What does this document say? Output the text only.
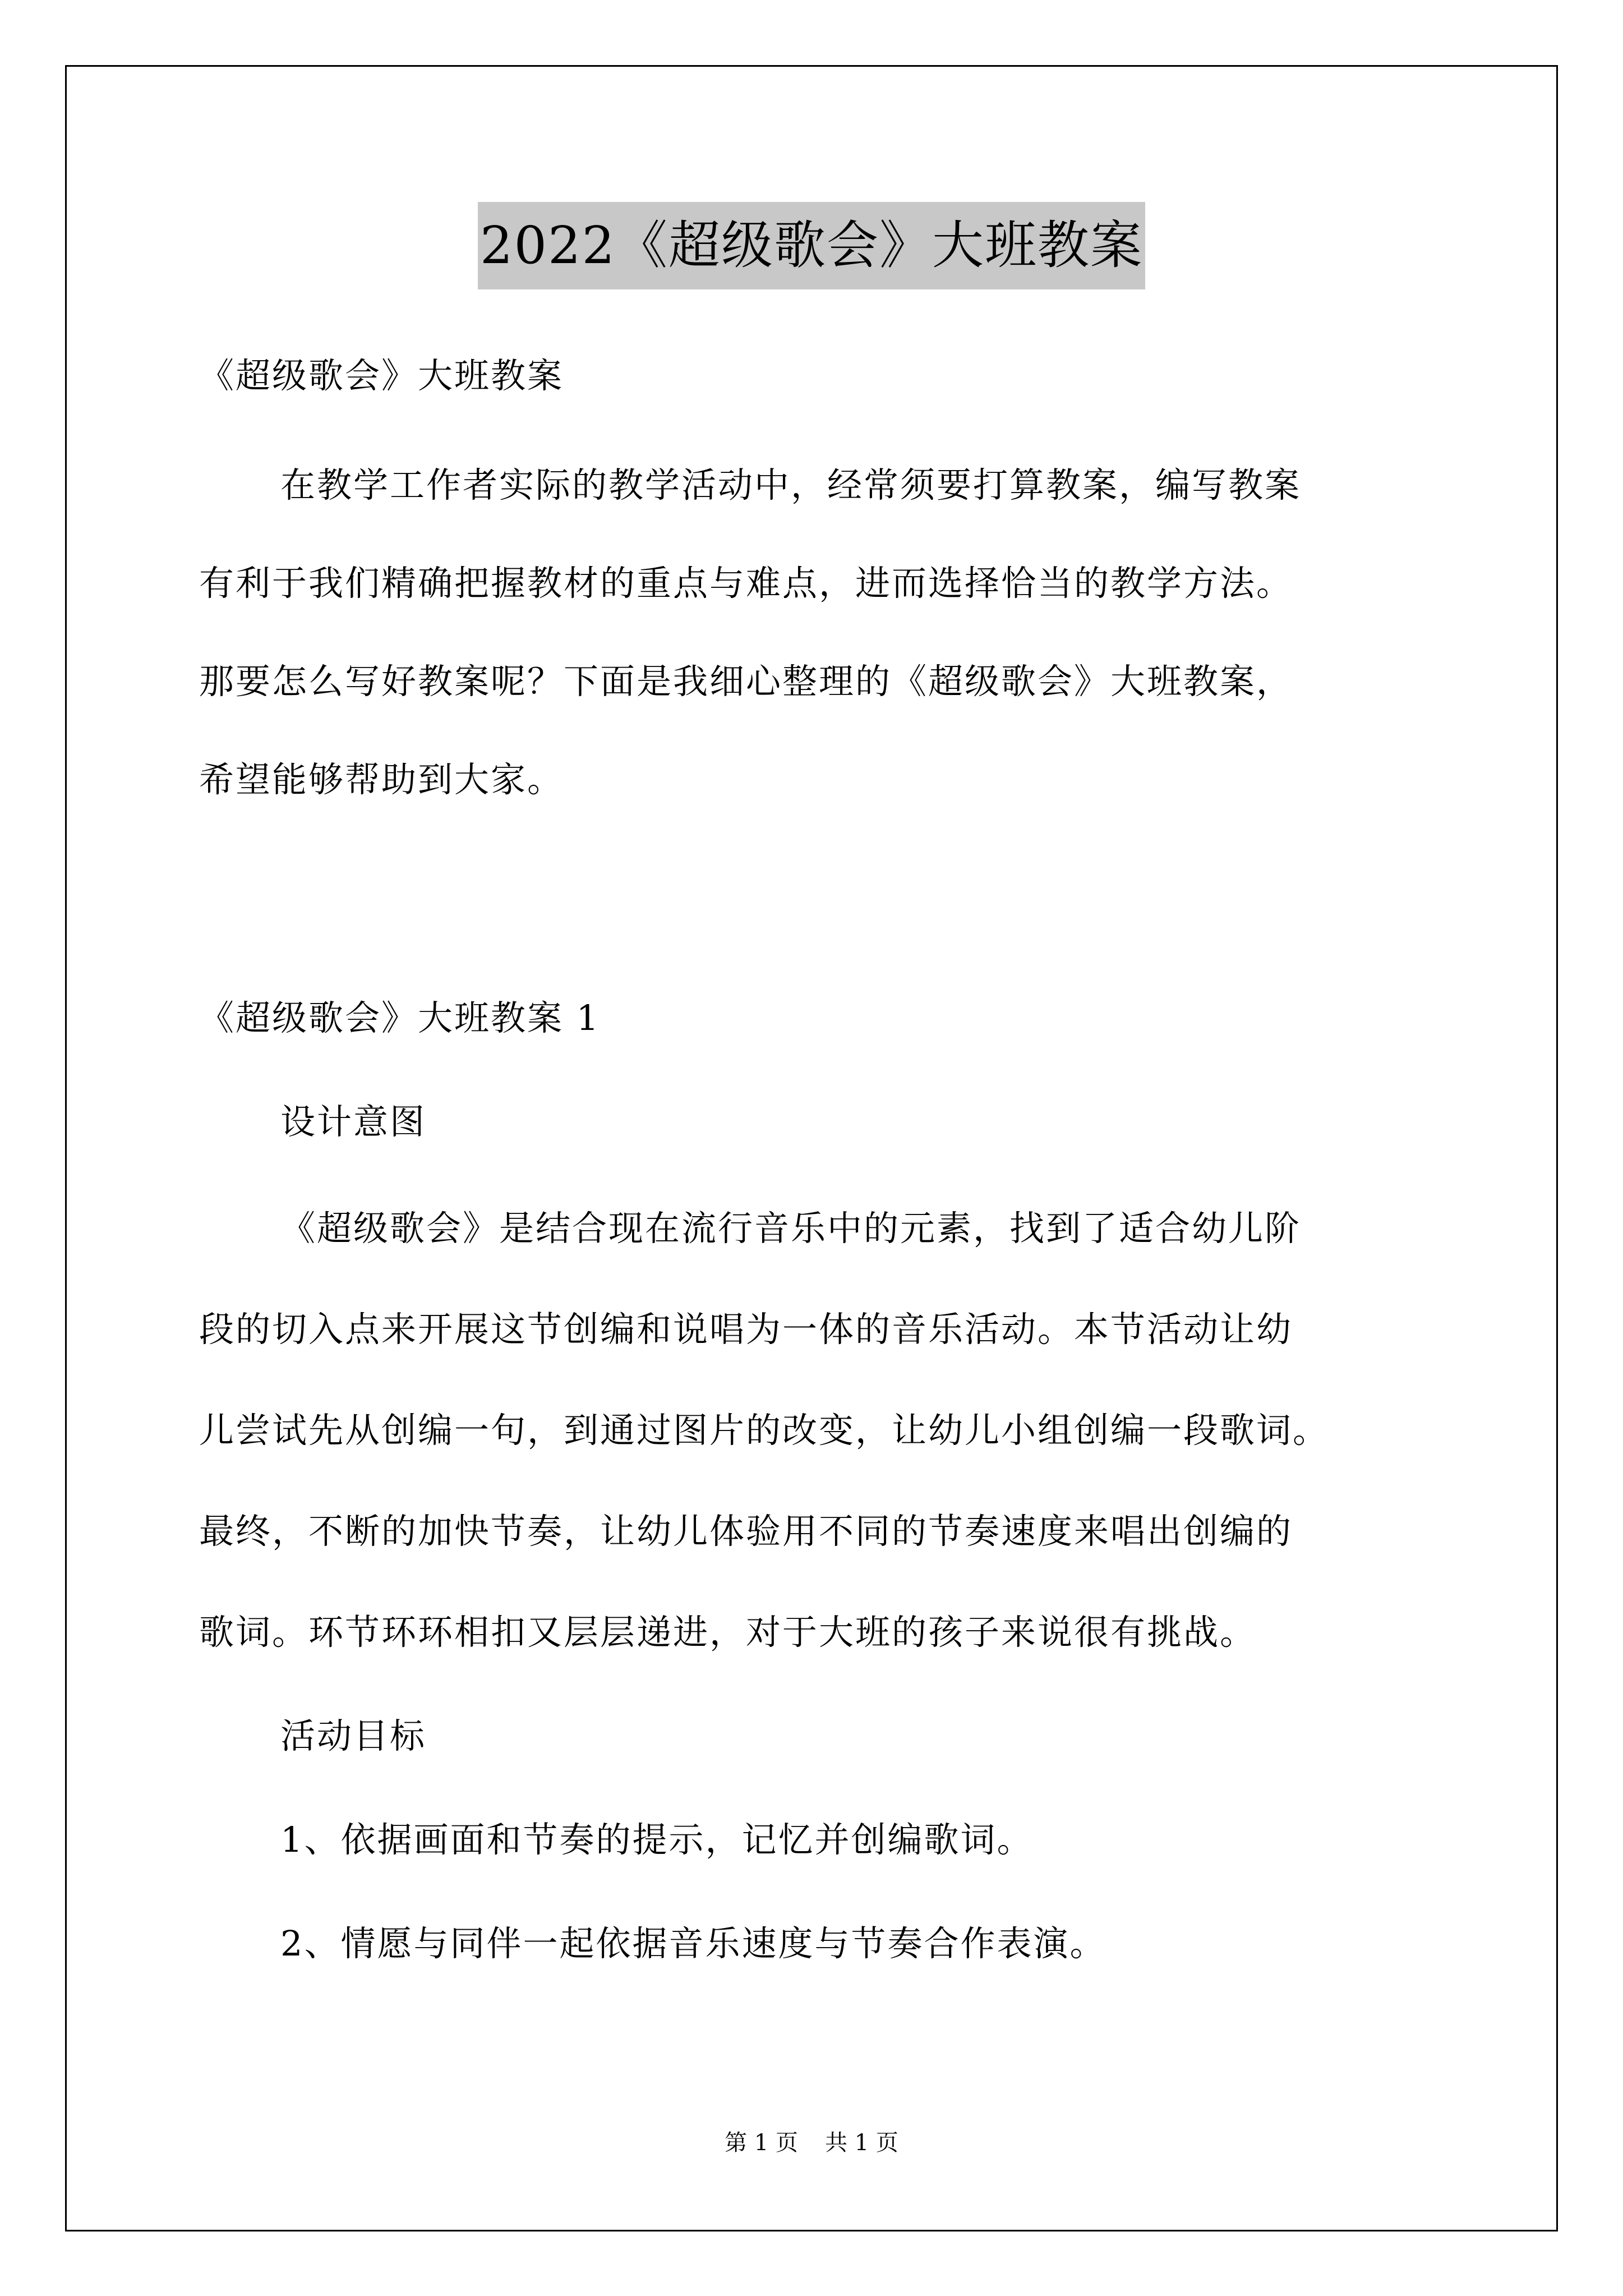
2022《超级歌会》大班教案
《超级歌会》大班教案
在教学工作者实际的教学活动中，经常须要打算教案，编写教案
有利于我们精确把握教材的重点与难点，进而选择恰当的教学方法。
那要怎么写好教案呢？下面是我细心整理的《超级歌会》大班教案，
希望能够帮助到大家。
《超级歌会》大班教案 1
设计意图
《超级歌会》是结合现在流行音乐中的元素，找到了适合幼儿阶
段的切入点来开展这节创编和说唱为一体的音乐活动。本节活动让幼
儿尝试先从创编一句，到通过图片的改变，让幼儿小组创编一段歌词。
最终，不断的加快节奏，让幼儿体验用不同的节奏速度来唱出创编的
歌词。环节环环相扣又层层递进，对于大班的孩子来说很有挑战。
活动目标
1、依据画面和节奏的提示，记忆并创编歌词。
2、情愿与同伴一起依据音乐速度与节奏合作表演。
第 1 页 共 1 页
